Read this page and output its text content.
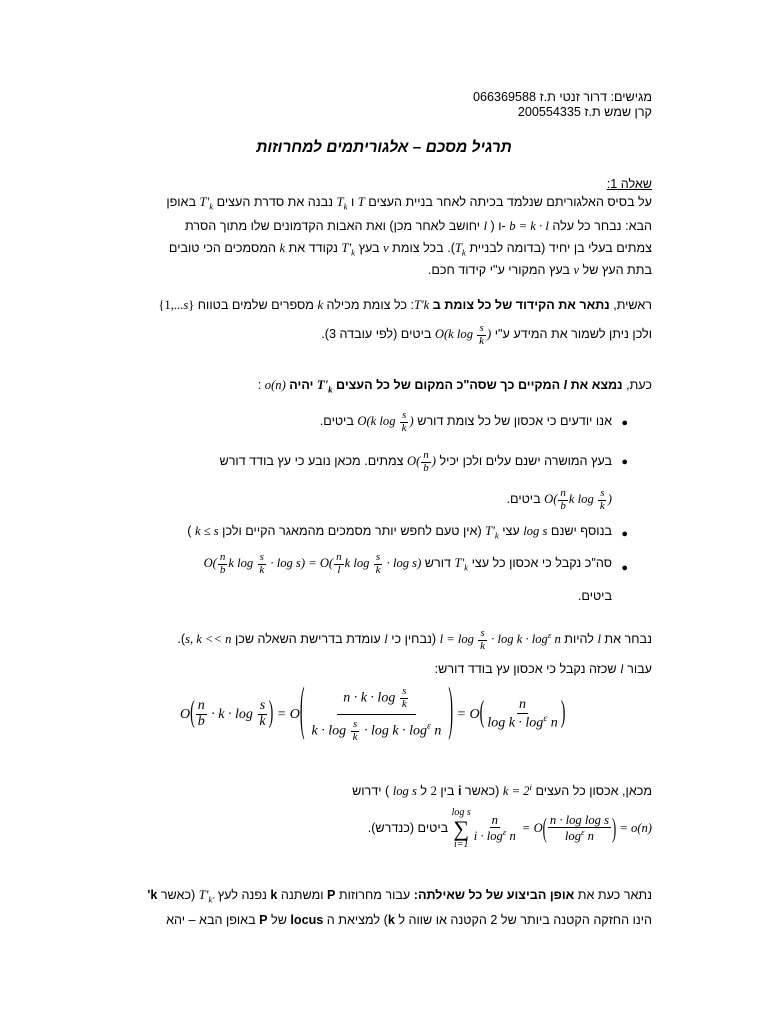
מגישים: דרור זנטי ת.ז 066369588
קרן שמש ת.ז 200554335
תרגיל מסכם – אלגוריתמים למחרוזות
שאלה 1:
על בסיס האלגוריתם שנלמד בכיתה לאחר בניית העצים T ו $T_k$ נבנה את סדרת העצים $T'_k$ באופן
הבא: נבחר כל עלה b = k · l -ו ( l יחושב לאחר מכן) ואת האבות הקדמונים שלו מתוך הסרת
צמתים בעלי בן יחיד (בדומה לבניית $T_k$). בכל צומת v בעץ $T'_k$ נקודד את k המסמכים הכי טובים
בתת העץ של v בעץ המקורי ע"י קידוד חכם.
ראשית, נתאר את הקידוד של כל צומת ב T'k: כל צומת מכילה k מספרים שלמים בטווח {1,...s}
ולכן ניתן לשמור את המידע ע"י O(k $\log \frac{s}{k}$ ) ביטים (לפי עובדה 3).
כעת, נמצא את l המקיים כך שסה"כ המקום של כל העצים $T'_k$ יהיה o(n) :
●
אנו יודעים כי אכסון של כל צומת דורש O(k $\log \frac{s}{k}$ ) ביטים.
●
בעץ המושרה ישנם עלים ולכן יכיל $O( \frac{n}{b}$ ) צמתים. מכאן נובע כי עץ בודד דורש
$O( \frac{n}{b}$ k $\log \frac{s}{k}$ ) ביטים.
●
בנוסף ישנם log s עצי $T'_k$ (אין טעם לחפש יותר מסמכים מהמאגר הקיים ולכן k ≤ s )
●
סה"כ נקבל כי אכסון כל עצי $T'_k$ דורש $O( \frac{n}{b}$ k $\log \frac{s}{k} \cdot \log s) = O( \frac{n}{l}$ k $\log \frac{s}{k} \cdot \log s$)
ביטים.
נבחר את l להיות $l = \log \frac{s}{k} \cdot \log k \cdot \log^\varepsilon n$ (נבחין כי l עומדת בדרישת השאלה שכן s, k << n).
עבור l שכזה נקבל כי אכסון עץ בודד דורש:
$O( \frac{n}{b} \cdot k \cdot \log \frac{s}{k}$ ) = $O( \frac{n \cdot k \cdot \log \frac{s}{k}}{k \cdot \log \frac{s}{k} \cdot \log k \cdot \log^\varepsilon n}$ ) = $O( \frac{n}{\log k \cdot \log^\varepsilon n}$ )
מכאן, אכסון כל העצים $k = 2^i$ (כאשר i בין 2 ל log s ) ידרוש
log s
∑
i=1
$\frac{n}{i \cdot \log^\varepsilon n} = O( \frac{\text{n · log log s}}{\log^\varepsilon n}$ ) = o(n) ביטים (כנדרש).
נתאר כעת את אופן הביצוע של כל שאילתה: עבור מחרוזות P ומשתנה k נפנה לעץ $T'_{k'}$ (כאשר k'
הינו החזקה הקטנה ביותר של 2 הקטנה או שווה ל k) למציאת ה locus של P באופן הבא – יהא
